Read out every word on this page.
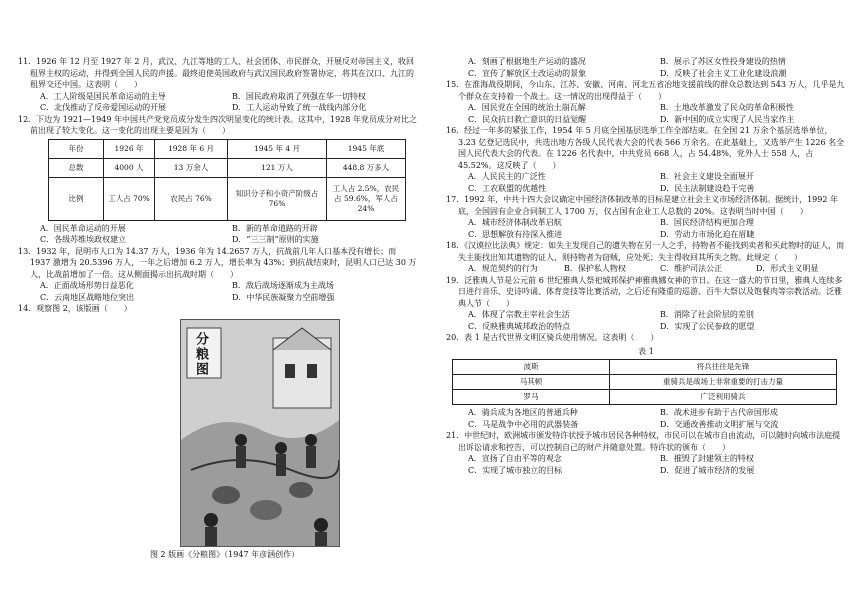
11．1926 年 12 月至 1927 年 2 月，武汉、九江等地的工人、社会团体、市民群众，开展反对帝国主义，收回租界主权的运动，并得到全国人民的声援。最终迫使英国政府与武汉国民政府签署协定，将其在汉口、九江的租界交还中国。这表明（　　）

A．工人阶级是国民革命运动的主导	B．国民政府取消了列强在华一切特权
C．北伐推动了反帝爱国运动的开展	D．工人运动导致了统一战线内部分化

12．下边为 1921—1949 年中国共产党党员成分发生四次明显变化的统计表。这其中，1928 年党员成分对比之前出现了较大变化。这一变化的出现主要是因为（　　）

年份	1926 年	1928 年 6 月	1945 年 4 月	1945 年底
总数	4000 人	13 万余人	121 万人	448.8 万多人
比例	工人占 70%	农民占 76%	知识分子和小资产阶级占 76%	工人占 2.5%，农民占 59.6%，军人占 24%
A．国民革命运动的开展	B．新的革命道路的开辟
C．各级苏维埃政权建立	D．“三三制”原则的实施

13．1932 年，昆明市人口为 14.37 万人，1936 年为 14.2657 万人，抗战前几年人口基本没有增长；而 1937 激增为 20.5396 万人，一年之后增加 6.2 万人，增长率为 43%；到抗战结束时，昆明人口已达 30 万人，比战前增加了一倍。这从侧面揭示出抗战时期（　　）

A．正面战场形势日益恶化	B．敌后战场逐渐成为主战场
C．云南地区战略地位突出	D．中华民族凝聚力空前增强

14．观察图 2，该版画（　　）

分粮图

图 2 版画《分粮图》（1947 年彦涵创作）

A．刻画了根据地生产运动的盛况	B．展示了苏区女性投身建设的热情
C．宣传了解放区土改运动的景象	D．反映了社会主义工业化建设浪潮

15．在淮海战役期间，今山东、江苏、安徽、河南、河北五省冶地支援前线的群众总数达到 543 万人，几乎是九个群众在支持着一个战士。这一情况的出现得益于（　　）

A．国民党在全国的统治土崩瓦解	B．土地改革激发了民众的革命积极性
C．民众抗日救亡意识的日益觉醒	D．新中国的成立实现了人民当家作主

16．经过一年多的紧张工作，1954 年 5 月底全国基层选举工作全部结束。在全国 21 万余个基层选举单位，3.23 亿登记选民中，共选出地方各级人民代表大会的代表 566 万余名。在此基础上，又选举产生 1226 名全国人民代表大会的代表。在 1226 名代表中，中共党员 668 人，占 54.48%，党外人士 558 人，占 45.52%。这反映了（　　）

A．人民民主的广泛性	B．社会主义建设全面展开
C．工农联盟的优越性	D．民主法制建设趋于完善

17．1992 年，中共十四大会议确定中国经济体制改革的目标是建立社会主义市场经济体制。据统计，1992 年底，全国固有企业合同制工人 1700 万，仅占国有企业工人总数的 20%。这表明当时中国（　　）

A．城市经济体制改革启航	B．国民经济结构更加合理
C．思想解放有待深入推进	D．劳动力市场化迫在眉睫

18．《汉谟拉比法典》规定：如失主发现自己的遗失物在另一人之手，持物者不能找到卖者和买此物时的证人，而失主能找出知其遗物的证人，则持物者为窃贼，应处死；失主得收回其所失之物。此规定（　　）

A．规范契约的行为	B．保护私人物权	C．维护司法公正	D．形式主义明显

19．泛雅典人节是公元前 6 世纪雅典人祭祀城邦保护神雅典娜女神的节日。在这一盛大的节日里，雅典人连续多日进行音乐、史诗吟诵、体育竞技等比赛活动，之后还有隆重的巡游、百牛大祭以及饱餐肉等宗教活动。泛雅典人节（　　）

A．体现了宗教主宰社会生活	B．消除了社会阶层的差别
C．反映雅典城邦政治的特点	D．实现了公民参政的愿望

20．表 1 是古代世界文明区骑兵使用情况。这表明（　　）

表 1

波斯	将兵往往是先锋
马其顿	重骑兵是战场上非常重要的打击力量
罗马	广泛利用骑兵
A．骑兵成为各地区的普通兵种	B．战术进步有助于古代帝国形成
C．马是战争中必用的武器装备	D．交通改善推动文明扩展与交流

21．中世纪时，欧洲城市颁发特许状授予城市居民各种特权，市民可以在城市自由流动，可以随时向城市法庭提出诉讼请求和控告，可以控制自己的财产并随意处置。特许状的颁布（　　）

A．宣扬了自由平等的观念	B．摧毁了封建领主的特权
C．实现了城市独立的目标	D．促进了城市经济的发展
